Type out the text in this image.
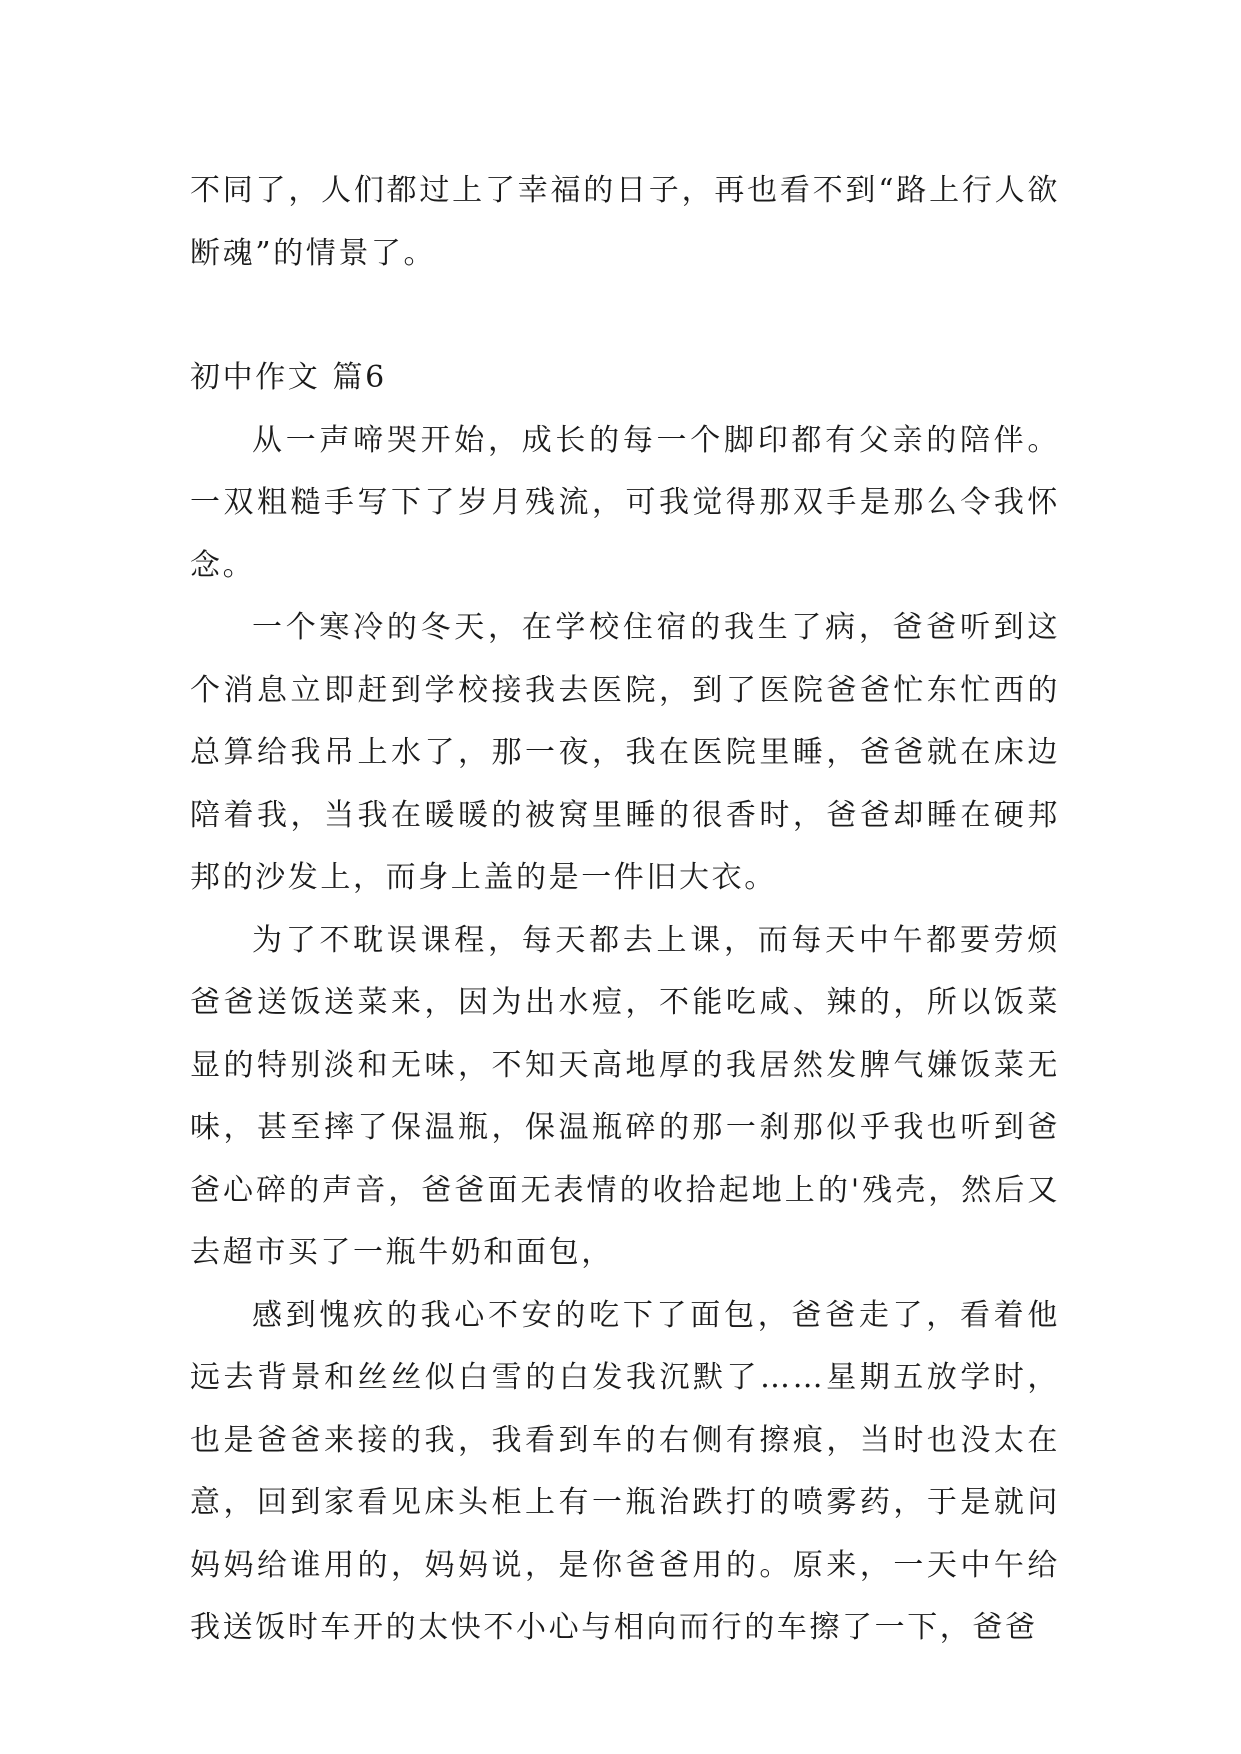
不同了，人们都过上了幸福的日子，再也看不到“路上行人欲断魂”的情景了。

初中作文 篇6

从一声啼哭开始，成长的每一个脚印都有父亲的陪伴。一双粗糙手写下了岁月残流，可我觉得那双手是那么令我怀念。

一个寒冷的冬天，在学校住宿的我生了病，爸爸听到这个消息立即赶到学校接我去医院，到了医院爸爸忙东忙西的总算给我吊上水了，那一夜，我在医院里睡，爸爸就在床边陪着我，当我在暖暖的被窝里睡的很香时，爸爸却睡在硬邦邦的沙发上，而身上盖的是一件旧大衣。

为了不耽误课程，每天都去上课，而每天中午都要劳烦爸爸送饭送菜来，因为出水痘，不能吃咸、辣的，所以饭菜显的特别淡和无味，不知天高地厚的我居然发脾气嫌饭菜无味，甚至摔了保温瓶，保温瓶碎的那一刹那似乎我也听到爸爸心碎的声音，爸爸面无表情的收拾起地上的'残壳，然后又去超市买了一瓶牛奶和面包，

感到愧疚的我心不安的吃下了面包，爸爸走了，看着他远去背景和丝丝似白雪的白发我沉默了……星期五放学时，也是爸爸来接的我，我看到车的右侧有擦痕，当时也没太在意，回到家看见床头柜上有一瓶治跌打的喷雾药，于是就问妈妈给谁用的，妈妈说，是你爸爸用的。原来，一天中午给我送饭时车开的太快不小心与相向而行的车擦了一下，爸爸
